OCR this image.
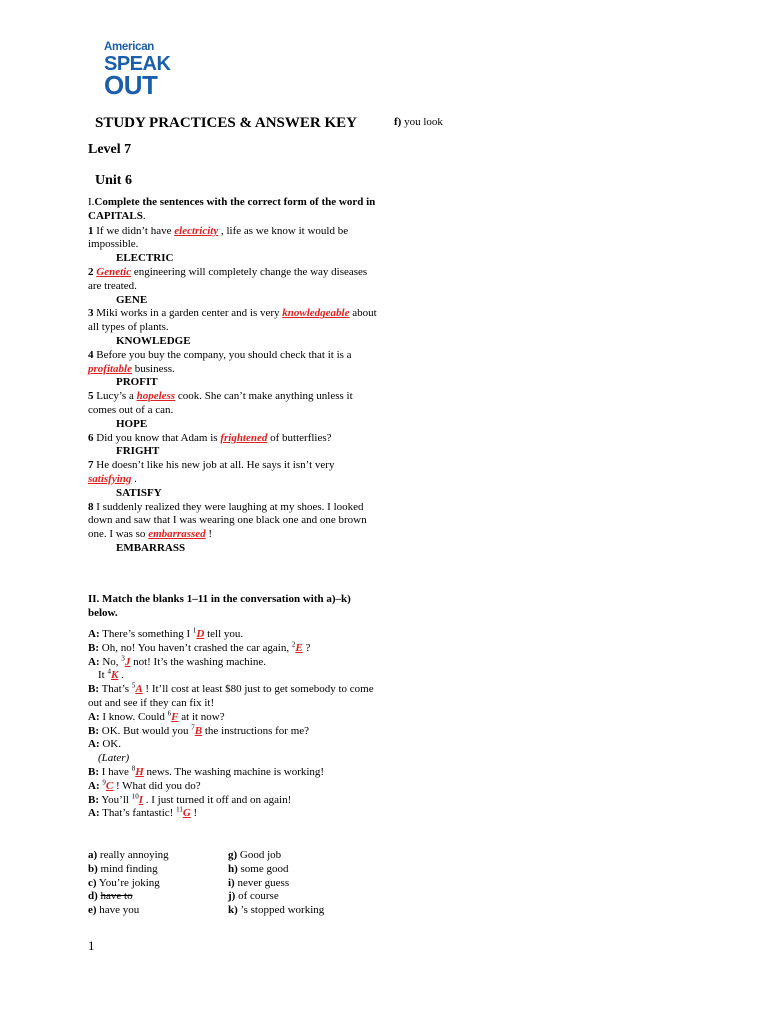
American
SPEAK
OUT
STUDY PRACTICES & ANSWER KEY	f) you look
Level 7
Unit 6
I.Complete the sentences with the correct form of the word in CAPITALS.
1 If we didn’t have electricity , life as we know it would be impossible.
ELECTRIC
2 Genetic engineering will completely change the way diseases are treated.
GENE
3 Miki works in a garden center and is very knowledgeable about all types of plants.
KNOWLEDGE
4 Before you buy the company, you should check that it is a profitable business.
PROFIT
5 Lucy’s a hopeless cook. She can’t make anything unless it comes out of a can.
HOPE
6 Did you know that Adam is frightened of butterflies?
FRIGHT
7 He doesn’t like his new job at all. He says it isn’t very satisfying .
SATISFY
8 I suddenly realized they were laughing at my shoes. I looked down and saw that I was wearing one black one and one brown one. I was so embarrassed !
EMBARRASS
II. Match the blanks 1–11 in the conversation with a)–k) below.
A: There’s something I $^1$D tell you.
B: Oh, no! You haven’t crashed the car again, $^2$E ?
A: No, $^3$J not! It’s the washing machine.
It $^4$K .
B: That’s $^5$A ! It’ll cost at least $80 just to get somebody to come out and see if they can fix it!
A: I know. Could $^6$F at it now?
B: OK. But would you $^7$B the instructions for me?
A: OK.
(Later)
B: I have $^8$H news. The washing machine is working!
A: $^9$C ! What did you do?
B: You’ll $^{10}$I . I just turned it off and on again!
A: That’s fantastic! $^{11}$G !
a) really annoying
b) mind finding
c) You’re joking
d) have to
e) have you
g) Good job
h) some good
i) never guess
j) of course
k) ’s stopped working
1
